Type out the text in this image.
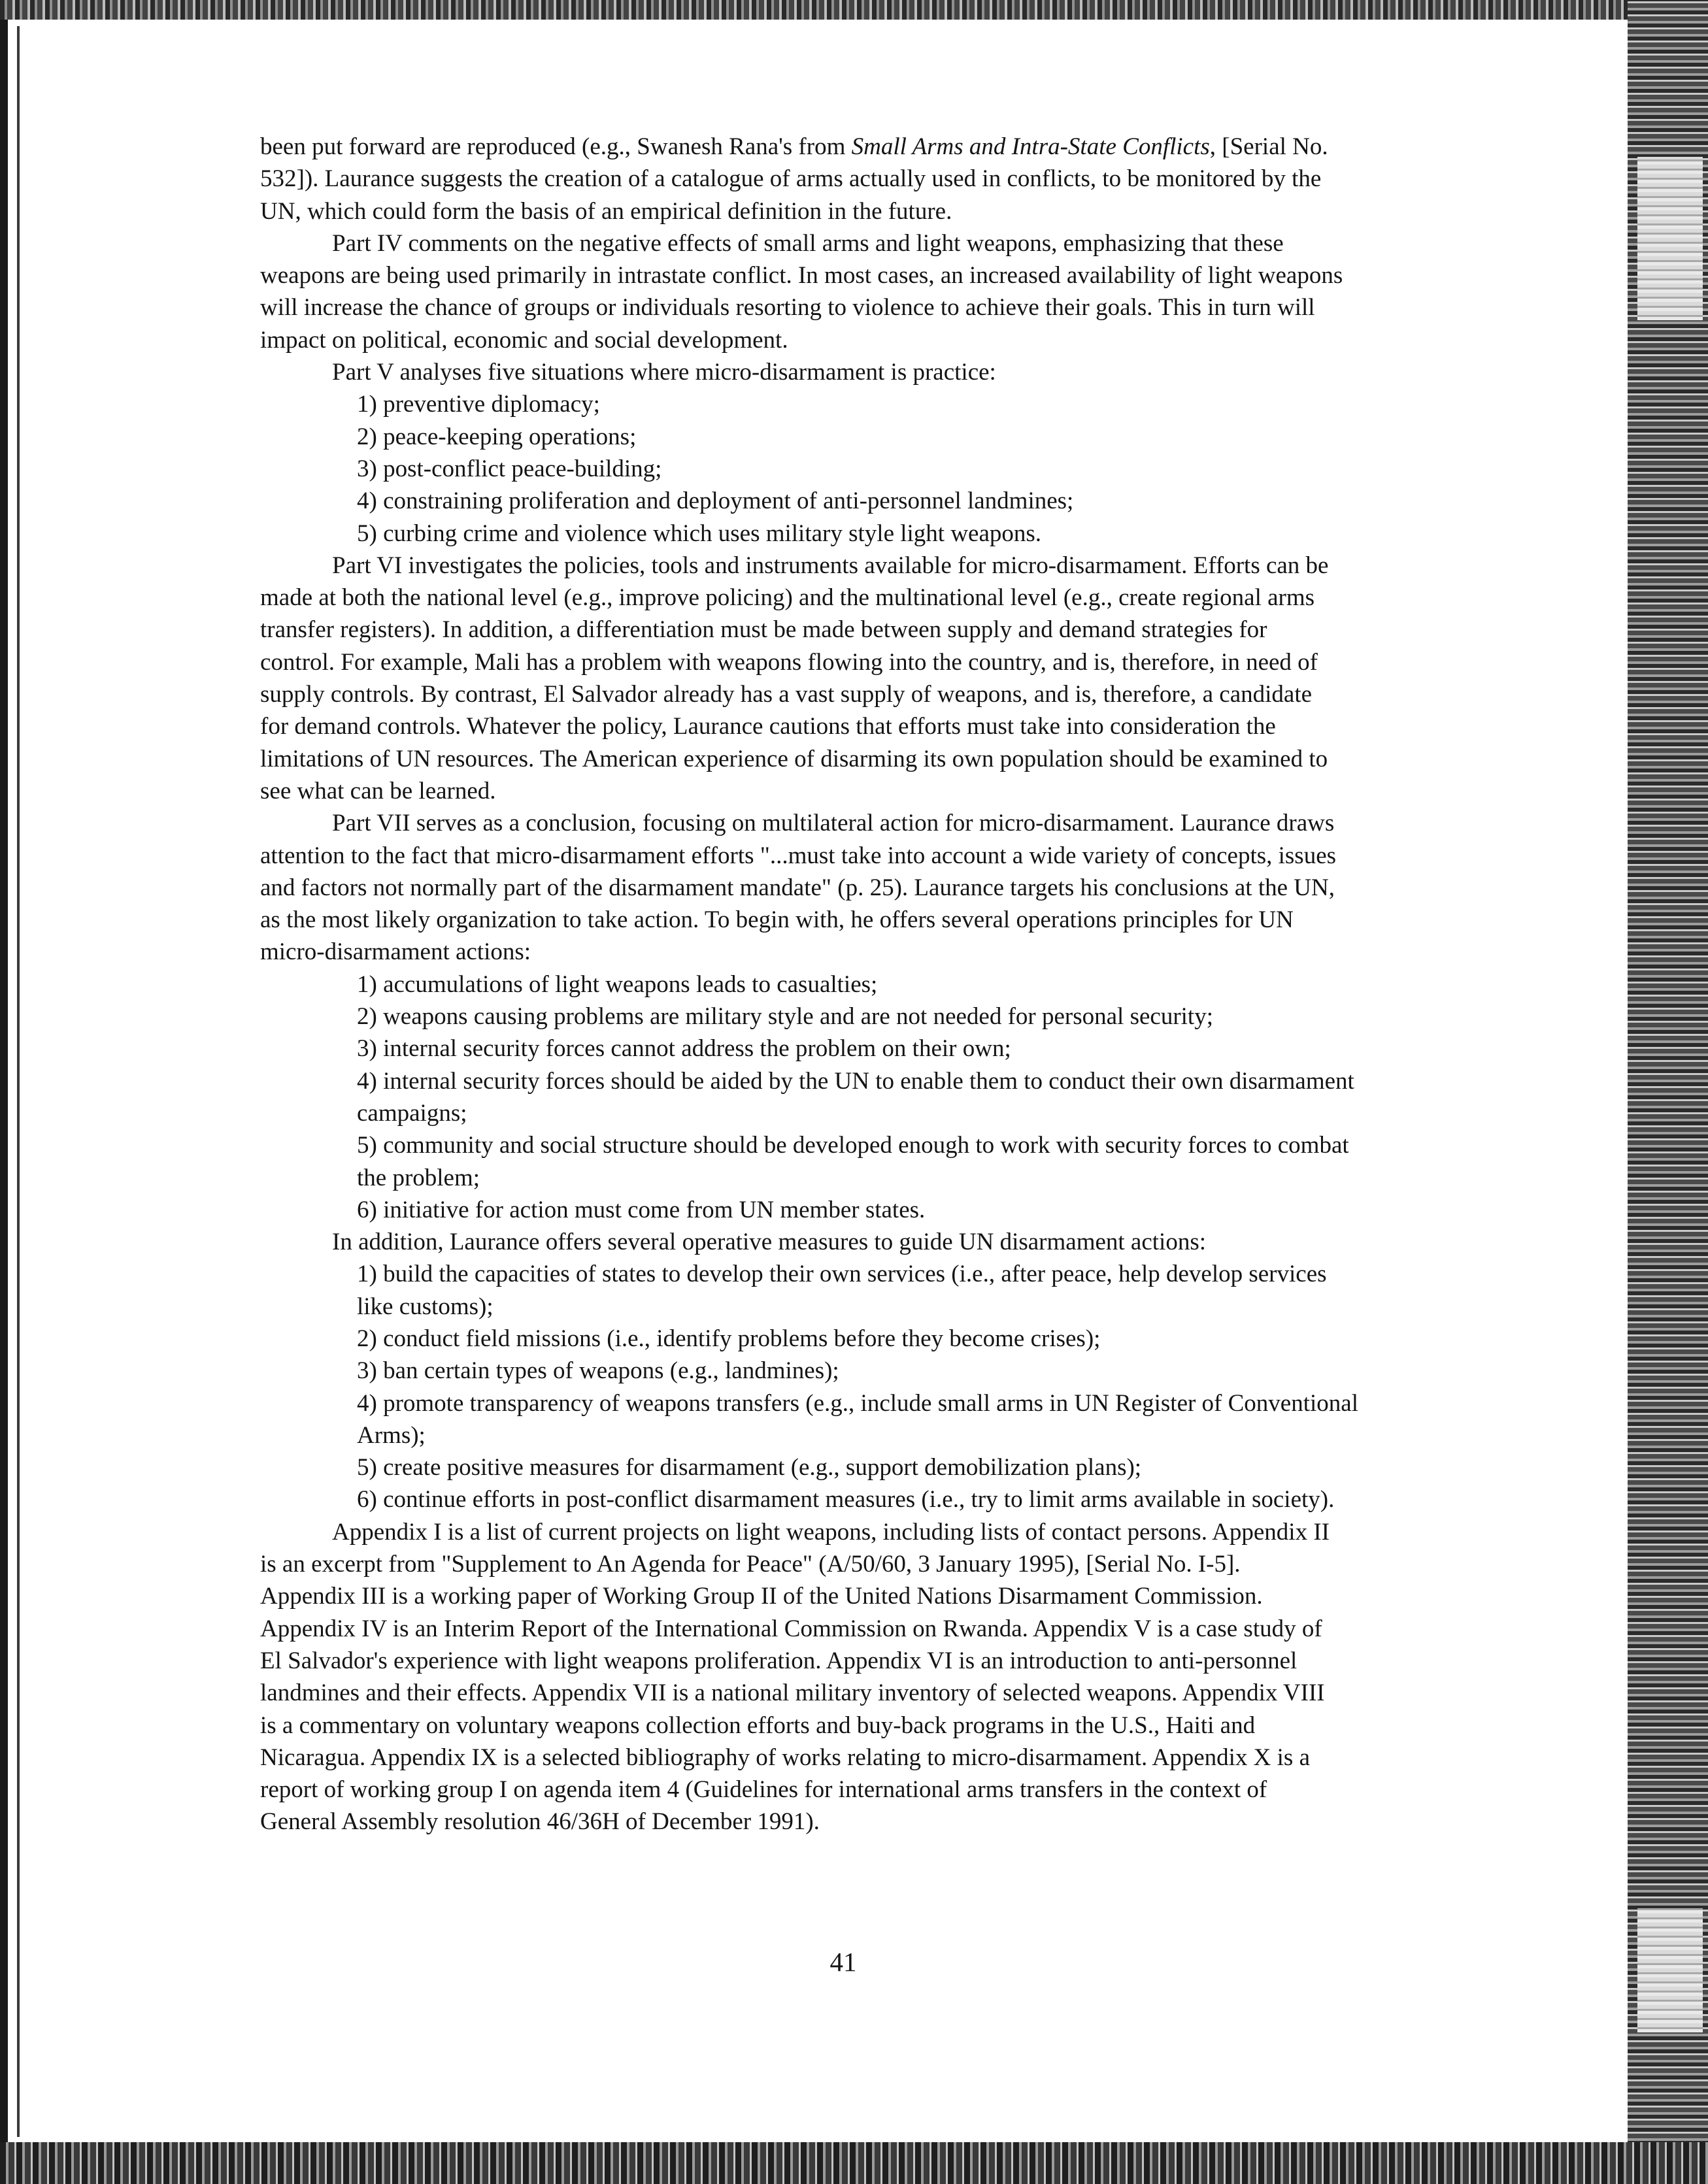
been put forward are reproduced (e.g., Swanesh Rana's from Small Arms and Intra-State Conflicts, [Serial No.
532]). Laurance suggests the creation of a catalogue of arms actually used in conflicts, to be monitored by the
UN, which could form the basis of an empirical definition in the future.
Part IV comments on the negative effects of small arms and light weapons, emphasizing that these
weapons are being used primarily in intrastate conflict. In most cases, an increased availability of light weapons
will increase the chance of groups or individuals resorting to violence to achieve their goals. This in turn will
impact on political, economic and social development.
Part V analyses five situations where micro-disarmament is practice:
1) preventive diplomacy;
2) peace-keeping operations;
3) post-conflict peace-building;
4) constraining proliferation and deployment of anti-personnel landmines;
5) curbing crime and violence which uses military style light weapons.
Part VI investigates the policies, tools and instruments available for micro-disarmament. Efforts can be
made at both the national level (e.g., improve policing) and the multinational level (e.g., create regional arms
transfer registers). In addition, a differentiation must be made between supply and demand strategies for
control. For example, Mali has a problem with weapons flowing into the country, and is, therefore, in need of
supply controls. By contrast, El Salvador already has a vast supply of weapons, and is, therefore, a candidate
for demand controls. Whatever the policy, Laurance cautions that efforts must take into consideration the
limitations of UN resources. The American experience of disarming its own population should be examined to
see what can be learned.
Part VII serves as a conclusion, focusing on multilateral action for micro-disarmament. Laurance draws
attention to the fact that micro-disarmament efforts "...must take into account a wide variety of concepts, issues
and factors not normally part of the disarmament mandate" (p. 25). Laurance targets his conclusions at the UN,
as the most likely organization to take action. To begin with, he offers several operations principles for UN
micro-disarmament actions:
1) accumulations of light weapons leads to casualties;
2) weapons causing problems are military style and are not needed for personal security;
3) internal security forces cannot address the problem on their own;
4) internal security forces should be aided by the UN to enable them to conduct their own disarmament
campaigns;
5) community and social structure should be developed enough to work with security forces to combat
the problem;
6) initiative for action must come from UN member states.
In addition, Laurance offers several operative measures to guide UN disarmament actions:
1) build the capacities of states to develop their own services (i.e., after peace, help develop services
like customs);
2) conduct field missions (i.e., identify problems before they become crises);
3) ban certain types of weapons (e.g., landmines);
4) promote transparency of weapons transfers (e.g., include small arms in UN Register of Conventional
Arms);
5) create positive measures for disarmament (e.g., support demobilization plans);
6) continue efforts in post-conflict disarmament measures (i.e., try to limit arms available in society).
Appendix I is a list of current projects on light weapons, including lists of contact persons. Appendix II
is an excerpt from "Supplement to An Agenda for Peace" (A/50/60, 3 January 1995), [Serial No. I-5].
Appendix III is a working paper of Working Group II of the United Nations Disarmament Commission.
Appendix IV is an Interim Report of the International Commission on Rwanda. Appendix V is a case study of
El Salvador's experience with light weapons proliferation. Appendix VI is an introduction to anti-personnel
landmines and their effects. Appendix VII is a national military inventory of selected weapons. Appendix VIII
is a commentary on voluntary weapons collection efforts and buy-back programs in the U.S., Haiti and
Nicaragua. Appendix IX is a selected bibliography of works relating to micro-disarmament. Appendix X is a
report of working group I on agenda item 4 (Guidelines for international arms transfers in the context of
General Assembly resolution 46/36H of December 1991).
41
